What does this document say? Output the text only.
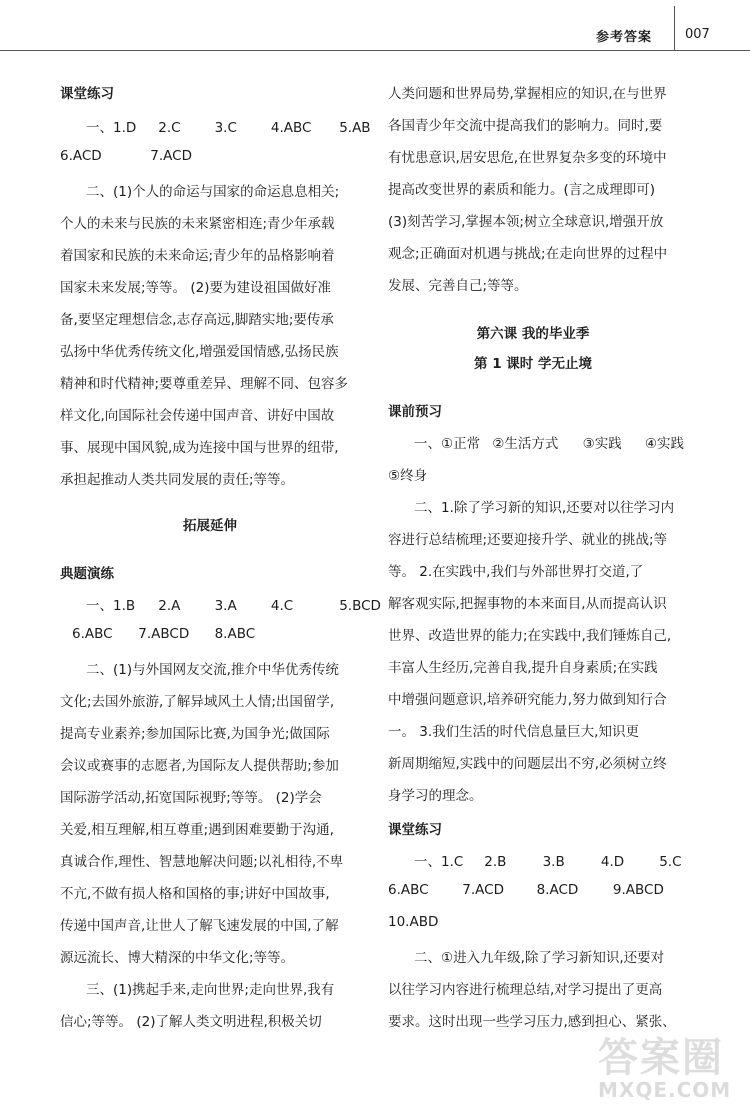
参考答案	007
课堂练习
一、1.D 2.C	3.C	4.ABC 5.AB
6.ACD	7.ACD
二、(1)个人的命运与国家的命运息息相关;
个人的未来与民族的未来紧密相连;青少年承载
着国家和民族的未来命运;青少年的品格影响着
国家未来发展;等等。 (2)要为建设祖国做好准
备,要坚定理想信念,志存高远,脚踏实地;要传承
弘扬中华优秀传统文化,增强爱国情感,弘扬民族
精神和时代精神;要尊重差异、理解不同、包容多
样文化,向国际社会传递中国声音、讲好中国故
事、展现中国风貌,成为连接中国与世界的纽带,
承担起推动人类共同发展的责任;等等。
拓展延伸
典题演练
一、1.B 2.A	3.A	4.C	5.BCD
6.ABC 7.ABCD 8.ABC
二、(1)与外国网友交流,推介中华优秀传统
文化;去国外旅游,了解异域风土人情;出国留学,
提高专业素养;参加国际比赛,为国争光;做国际
会议或赛事的志愿者,为国际友人提供帮助;参加
国际游学活动,拓宽国际视野;等等。 (2)学会
关爱,相互理解,相互尊重;遇到困难要勤于沟通,
真诚合作,理性、智慧地解决问题;以礼相待,不卑
不亢,不做有损人格和国格的事;讲好中国故事,
传递中国声音,让世人了解飞速发展的中国,了解
源远流长、博大精深的中华文化;等等。
三、(1)携起手来,走向世界;走向世界,我有
信心;等等。 (2)了解人类文明进程,积极关切
人类问题和世界局势,掌握相应的知识,在与世界
各国青少年交流中提高我们的影响力。同时,要
有忧患意识,居安思危,在世界复杂多变的环境中
提高改变世界的素质和能力。(言之成理即可)
(3)刻苦学习,掌握本领;树立全球意识,增强开放
观念;正确面对机遇与挑战;在走向世界的过程中
发展、完善自己;等等。
第六课 我的毕业季
第 1 课时 学无止境
课前预习
一、①正常 ②生活方式 ③实践 ④实践
⑤终身
二、1.除了学习新的知识,还要对以往学习内
容进行总结梳理;还要迎接升学、就业的挑战;等
等。 2.在实践中,我们与外部世界打交道,了
解客观实际,把握事物的本来面目,从而提高认识
世界、改造世界的能力;在实践中,我们锤炼自己,
丰富人生经历,完善自我,提升自身素质;在实践
中增强问题意识,培养研究能力,努力做到知行合
一。 3.我们生活的时代信息量巨大,知识更
新周期缩短,实践中的问题层出不穷,必须树立终
身学习的理念。
课堂练习
一、1.C 2.B	3.B	4.D	5.C
6.ABC 7.ACD 8.ACD	9.ABCD
10.ABD
二、①进入九年级,除了学习新知识,还要对
以往学习内容进行梳理总结,对学习提出了更高
要求。这时出现一些学习压力,感到担心、紧张、
答案圈
MXQE.COM
